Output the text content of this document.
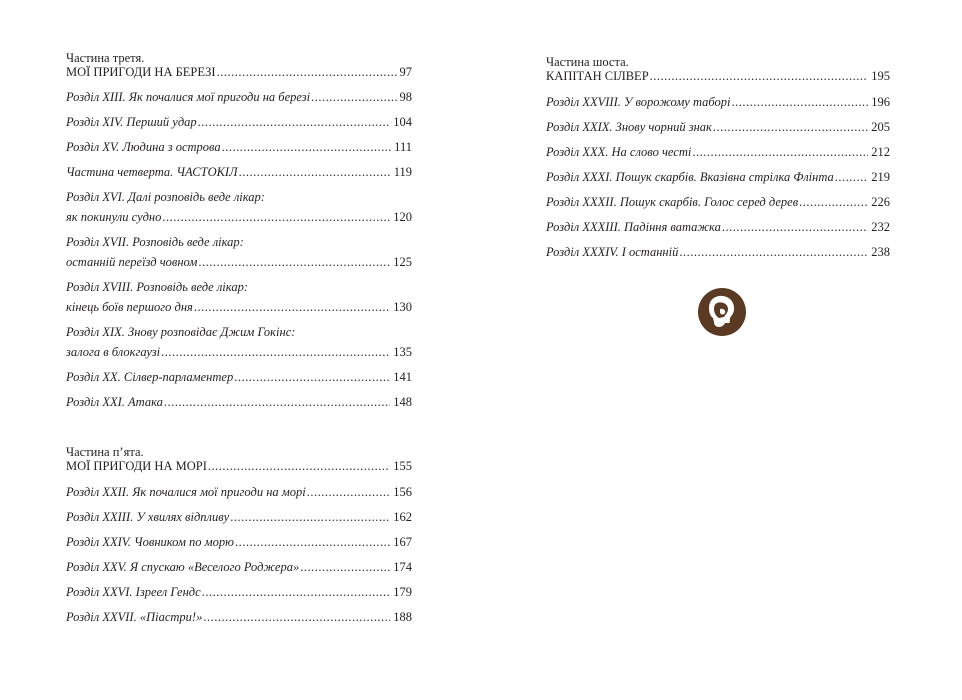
Частина третя.
МОЇ ПРИГОДИ НА БЕРЕЗІ .....	97
Розділ XIII. Як почалися мої пригоди на березі .....	98
Розділ XIV. Перший удар .....	104
Розділ XV. Людина з острова .....	111
Частина четверта. ЧАСТОКІЛ .....	119
Розділ XVI. Далі розповідь веде лікар:
як покинули судно .....	120
Розділ XVII. Розповідь веде лікар:
останній переїзд човном .....	125
Розділ XVIII. Розповідь веде лікар:
кінець боїв першого дня .....	130
Розділ XIX. Знову розповідає Джим Гокінс:
залога в блокгаузі .....	135
Розділ XX. Сілвер-парламентер .....	141
Розділ XXI. Атака .....	148
Частина п’ята.
МОЇ ПРИГОДИ НА МОРІ .....	155
Розділ XXII. Як почалися мої пригоди на морі .....	156
Розділ XXIII. У хвилях відпливу .....	162
Розділ XXIV. Човником по морю .....	167
Розділ XXV. Я спускаю «Веселого Роджера» .....	174
Розділ XXVI. Ізреел Гендс .....	179
Розділ XXVII. «Піастри!» .....	188
Частина шоста.
КАПІТАН СІЛВЕР .....	195
Розділ XXVIII. У ворожому таборі .....	196
Розділ XXIX. Знову чорний знак .....	205
Розділ XXX. На слово честі .....	212
Розділ XXXI. Пошук скарбів. Вказівна стрілка Флінта .....	219
Розділ XXXII. Пошук скарбів. Голос серед дерев .....	226
Розділ XXXIII. Падіння ватажка .....	232
Розділ XXXIV. І останній .....	238
